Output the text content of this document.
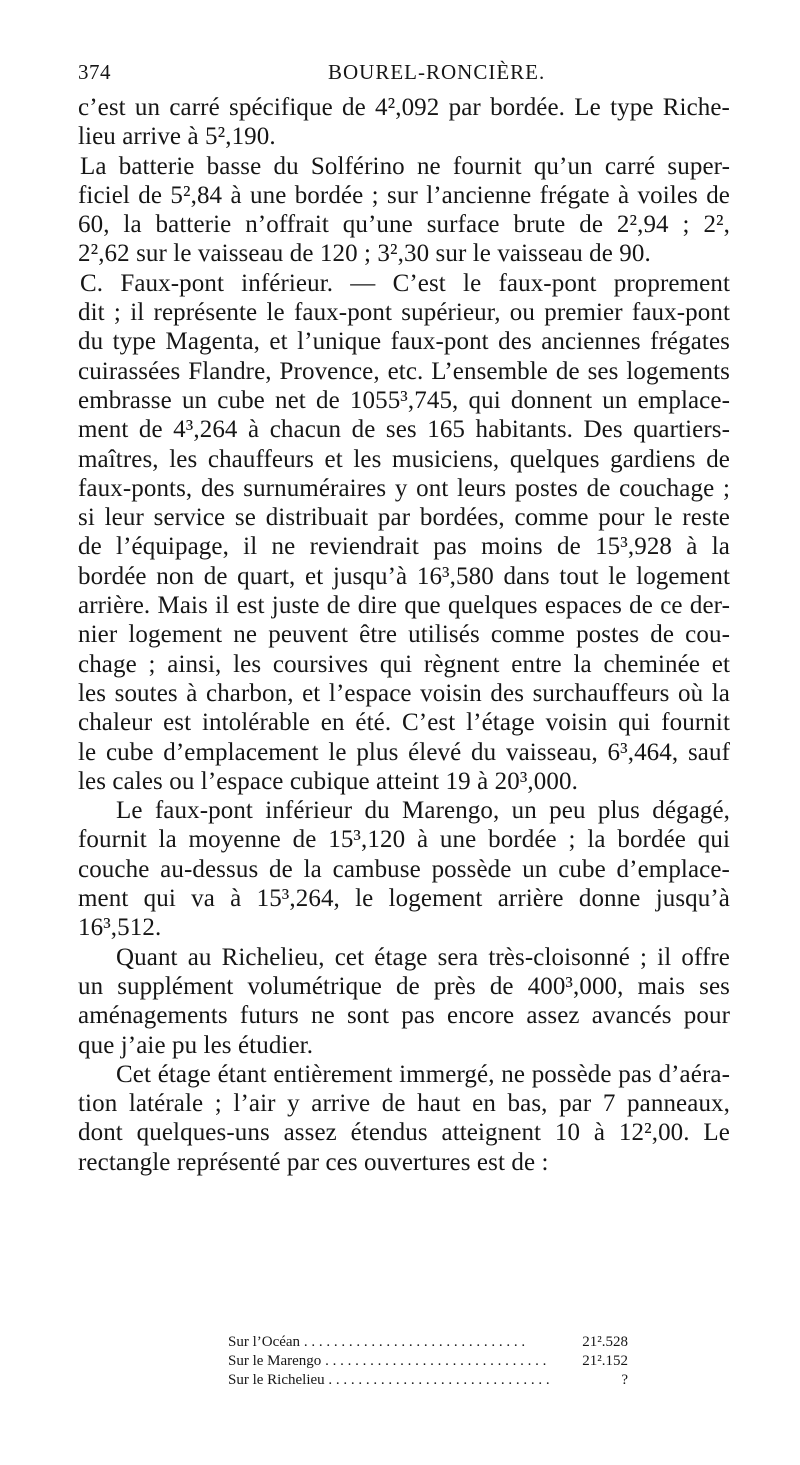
374	BOUREL-RONCIÈRE.
c’est un carré spécifique de 4²,092 par bordée. Le type Riche-
lieu arrive à 5²,190.
La batterie basse du Solférino ne fournit qu’un carré super-
ficiel de 5²,84 à une bordée ; sur l’ancienne frégate à voiles de
60, la batterie n’offrait qu’une surface brute de 2²,94 ; 2²,
2²,62 sur le vaisseau de 120 ; 3²,30 sur le vaisseau de 90.
C. Faux-pont inférieur. — C’est le faux-pont proprement
dit ; il représente le faux-pont supérieur, ou premier faux-pont
du type Magenta, et l’unique faux-pont des anciennes frégates
cuirassées Flandre, Provence, etc. L’ensemble de ses logements
embrasse un cube net de 1055³,745, qui donnent un emplace-
ment de 4³,264 à chacun de ses 165 habitants. Des quartiers-
maîtres, les chauffeurs et les musiciens, quelques gardiens de
faux-ponts, des surnuméraires y ont leurs postes de couchage ;
si leur service se distribuait par bordées, comme pour le reste
de l’équipage, il ne reviendrait pas moins de 15³,928 à la
bordée non de quart, et jusqu’à 16³,580 dans tout le logement
arrière. Mais il est juste de dire que quelques espaces de ce der-
nier logement ne peuvent être utilisés comme postes de cou-
chage ; ainsi, les coursives qui règnent entre la cheminée et
les soutes à charbon, et l’espace voisin des surchauffeurs où la
chaleur est intolérable en été. C’est l’étage voisin qui fournit
le cube d’emplacement le plus élevé du vaisseau, 6³,464, sauf
les cales ou l’espace cubique atteint 19 à 20³,000.
Le faux-pont inférieur du Marengo, un peu plus dégagé,
fournit la moyenne de 15³,120 à une bordée ; la bordée qui
couche au-dessus de la cambuse possède un cube d’emplace-
ment qui va à 15³,264, le logement arrière donne jusqu’à
16³,512.
Quant au Richelieu, cet étage sera très-cloisonné ; il offre
un supplément volumétrique de près de 400³,000, mais ses
aménagements futurs ne sont pas encore assez avancés pour
que j’aie pu les étudier.
Cet étage étant entièrement immergé, ne possède pas d’aéra-
tion latérale ; l’air y arrive de haut en bas, par 7 panneaux,
dont quelques-uns assez étendus atteignent 10 à 12²,00. Le
rectangle représenté par ces ouvertures est de :
Sur l’Océan . . .	21².528
Sur le Marengo . . .	21².152
Sur le Richelieu . . .	?
